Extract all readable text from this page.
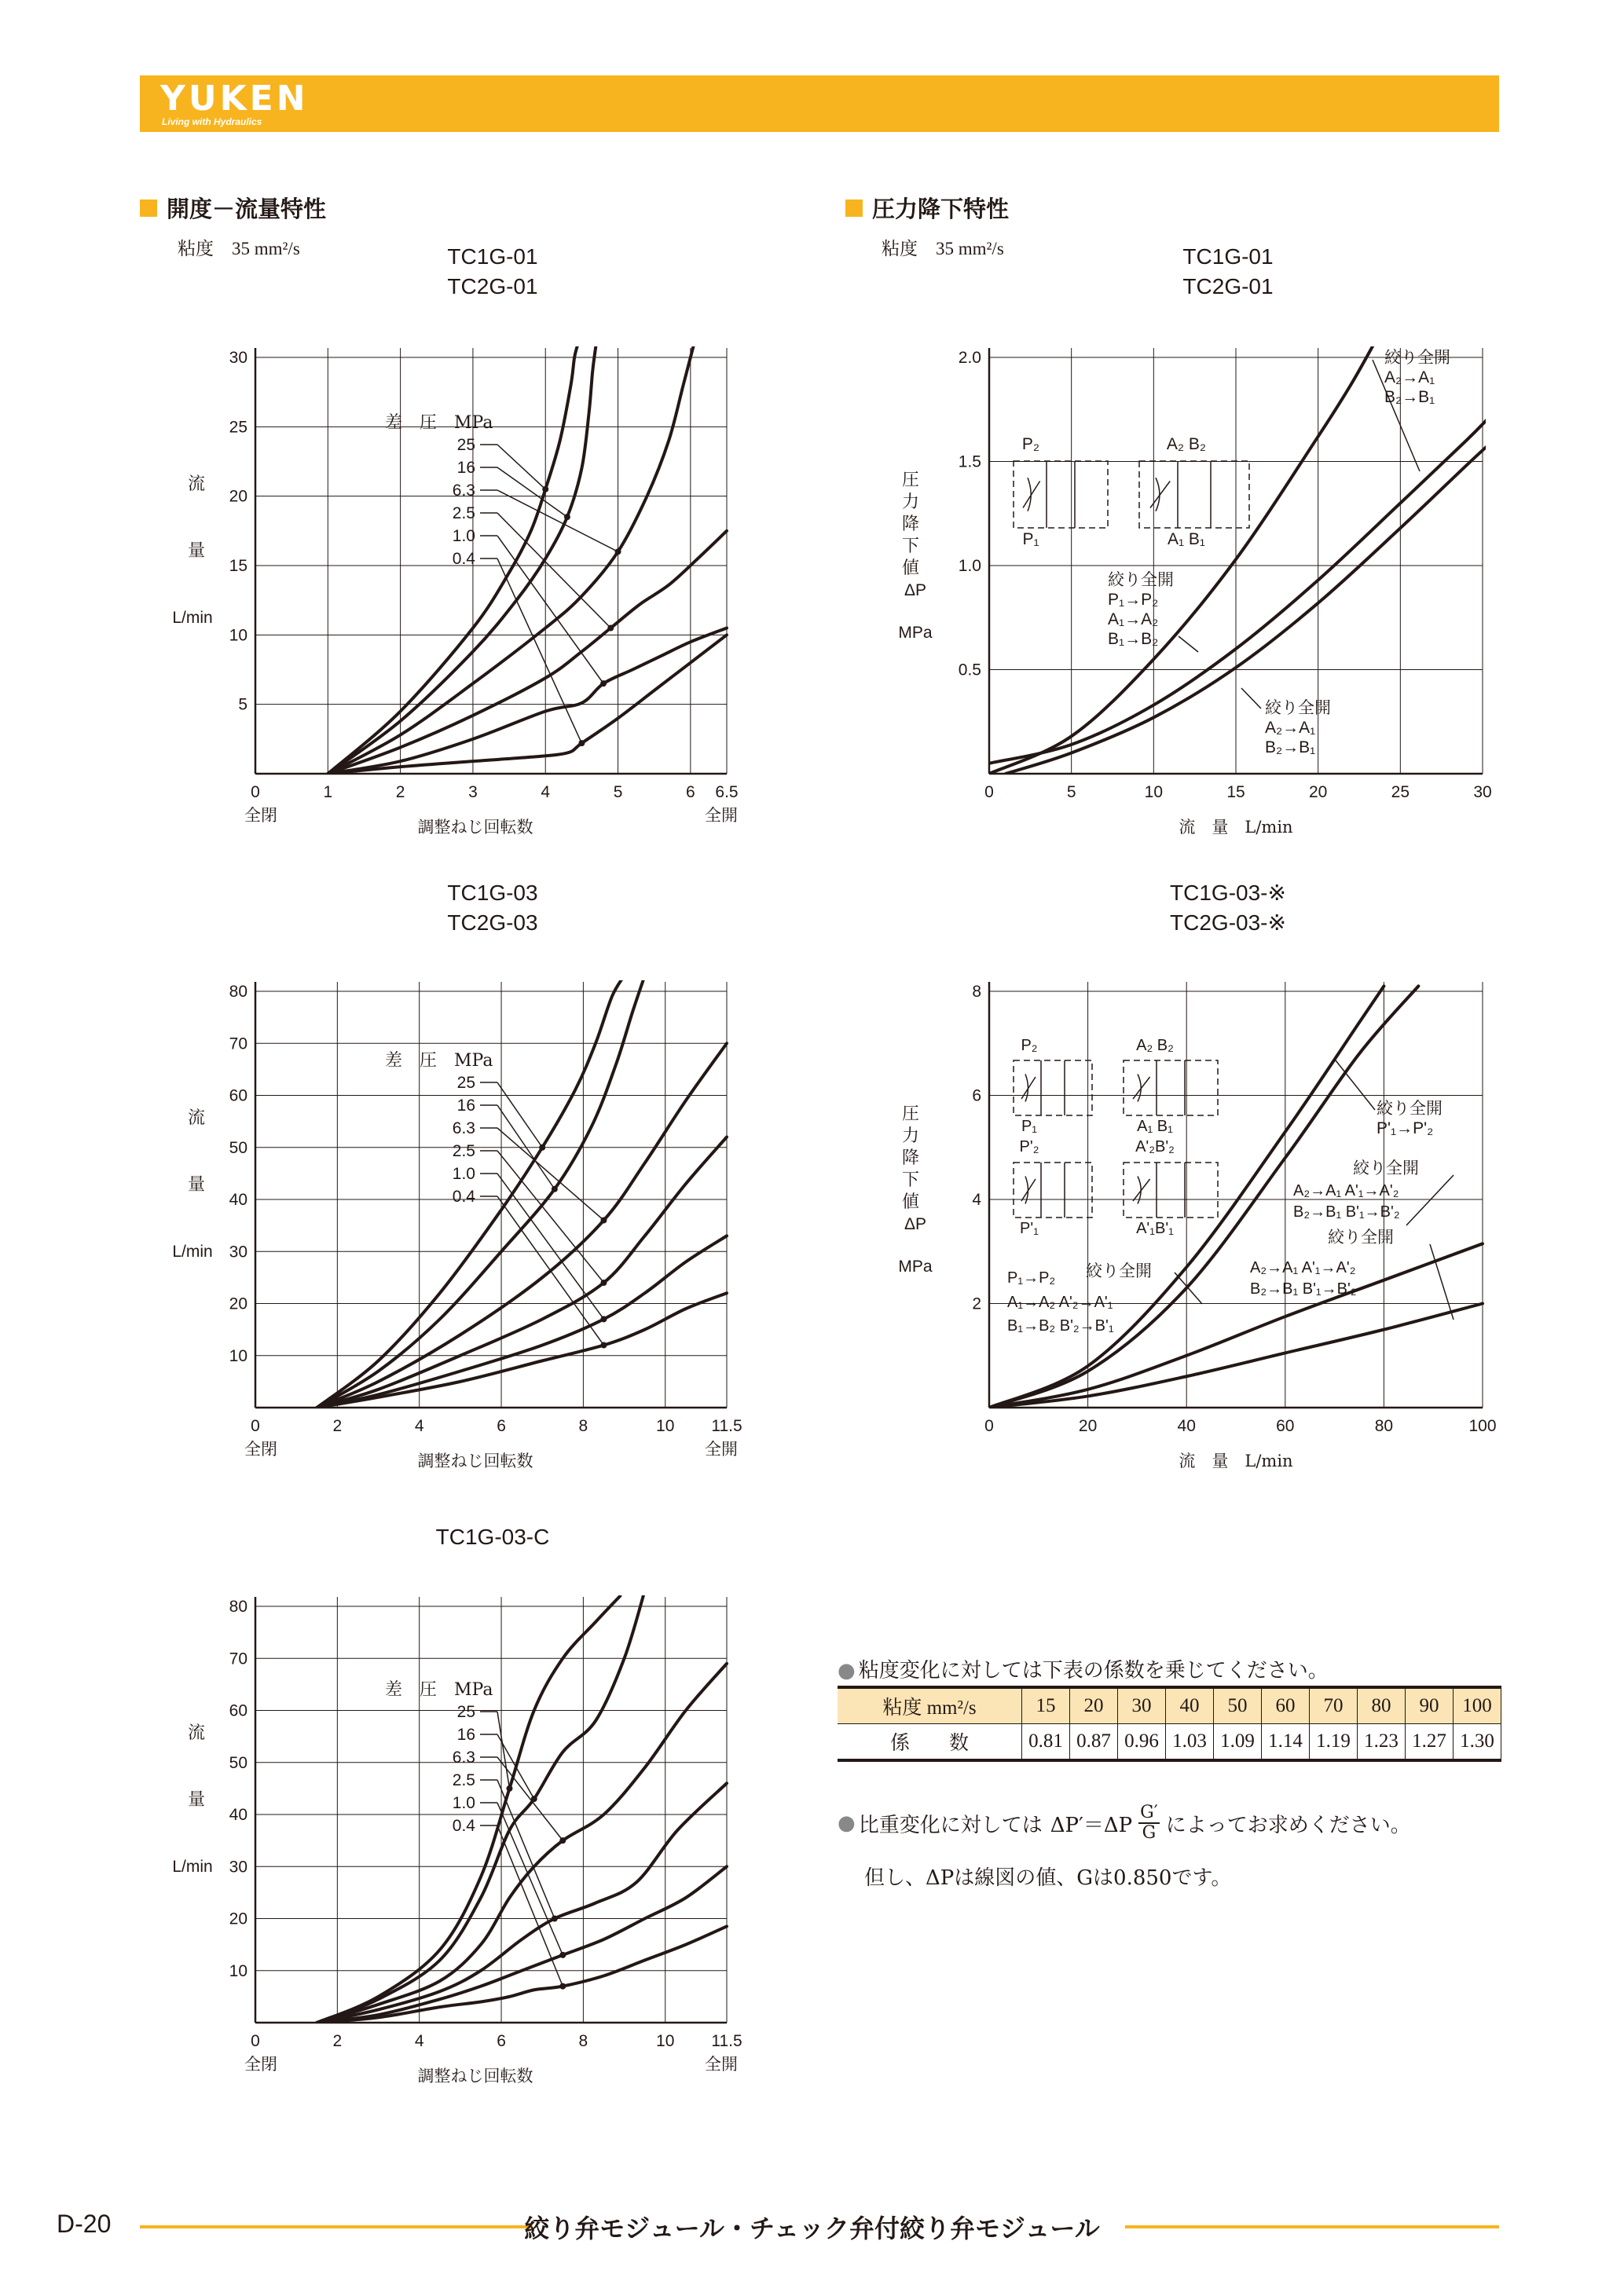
YUKEN
Living with Hydraulics
開度－流量特性
粘度　35 mm²/s
圧力降下特性
粘度　35 mm²/s
TC1G-01
TC2G-01
TC1G-01
TC2G-01
TC1G-03
TC2G-03
TC1G-03-※
TC2G-03-※
TC1G-03-C
0	1	2	3	4	5	6 6.5
5
10
15
20
25
30
調整ねじ回転数
全閉	全開
流
量
L/min
差　圧　MPa
25
16
6.3
2.5
1.0
0.4
0	5	10	15	20	25	30
0.5
1.0
1.5
2.0
流　量　L/min
圧
力
降
下
値
ΔP
MPa
0	2	4	6	8	10 11.5
10
20
30
40
50
60
70
80
調整ねじ回転数
全閉	全開
流
量
L/min
差　圧　MPa
25
16
6.3
2.5
1.0
0.4
0	20	40	60	80	100
2
4
6
8
流　量　L/min
圧
力
降
下
値
ΔP
MPa
0	2	4	6	8	10 11.5
10
20
30
40
50
60
70
80
調整ねじ回転数
全閉	全開
流
量
L/min
差　圧　MPa
25
16
6.3
2.5
1.0
0.4
絞り全開
A₂→A₁
B₂→B₁
絞り全開
P₁→P₂
A₁→A₂
B₁→B₂
絞り全開
A₂→A₁
B₂→B₁
P₂
P₁
A₂ B₂
A₁ B₁
絞り全開
P'₁→P'₂
絞り全開
A₂→A₁ A'₁→A'₂
B₂→B₁ B'₁→B'₂
絞り全開
A₂→A₁ A'₁→A'₂
B₂→B₁ B'₁→B'₂
P₁→P₂ 絞り全開
A₁→A₂ A'₂→A'₁
B₁→B₂ B'₂→B'₁
P₂
P₁
A₂ B₂
A₁ B₁
P'₂
P'₁
A'₂B'₂
A'₁B'₁
● 粘度変化に対しては下表の係数を乗じてください。
粘度 mm²/s	15	20	30	40	50	60	70	80	90	100
係　　数	0.81	0.87	0.96	1.03	1.09	1.14	1.19	1.23	1.27	1.30
● 比重変化に対しては $\Delta P'=\Delta P \frac{G'}{G}$ によってお求めください。
但し、ΔPは線図の値、Gは0.850です。
D-20	絞り弁モジュール・チェック弁付絞り弁モジュール
